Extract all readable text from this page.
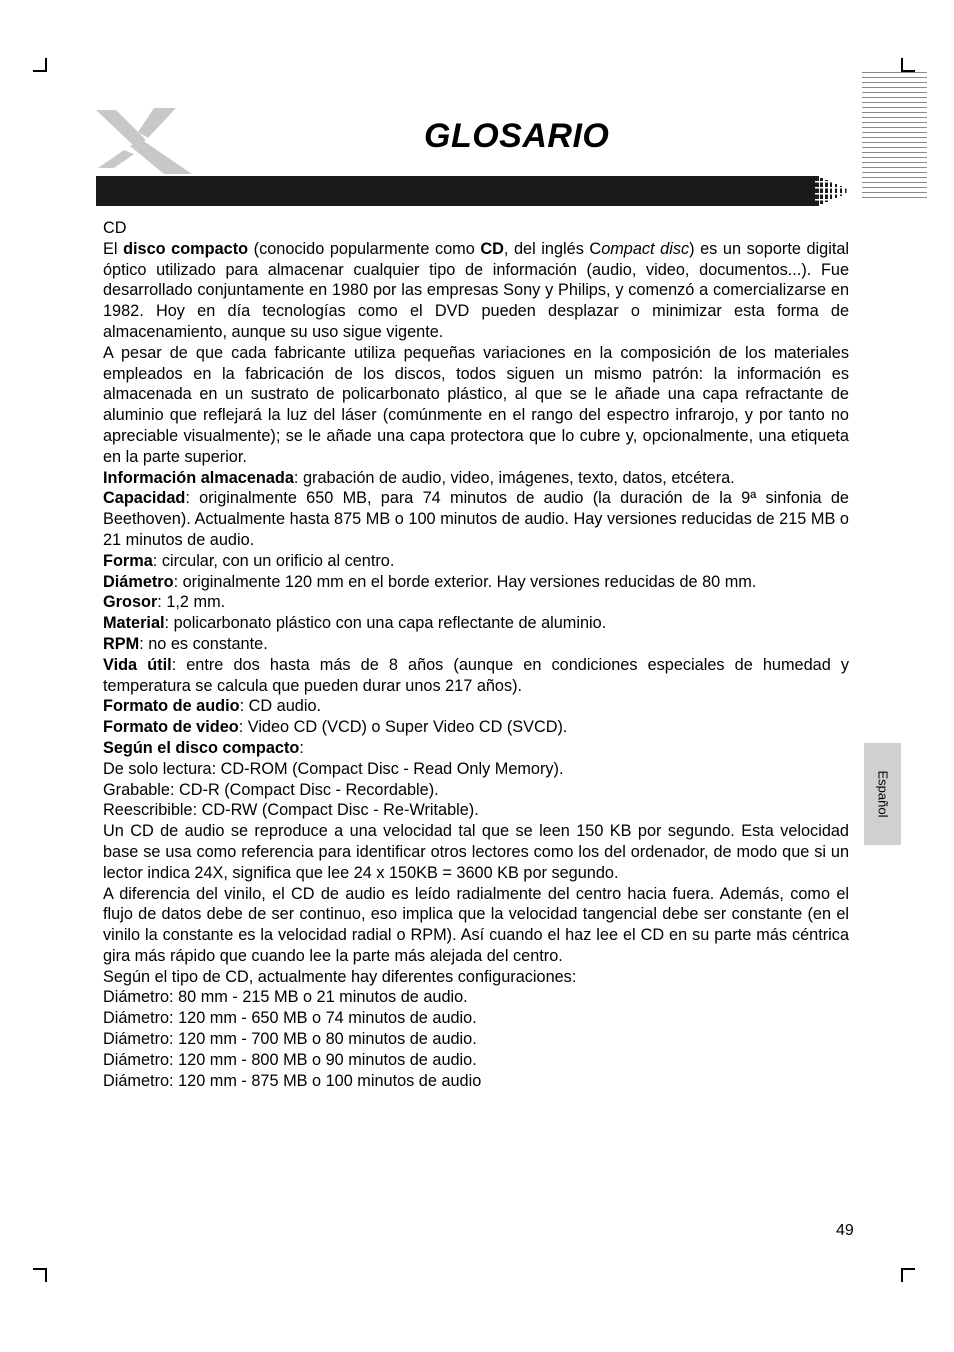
GLOSARIO
Español

CD

El disco compacto (conocido popularmente como CD, del inglés Compact disc) es un soporte digital óptico utilizado para almacenar cualquier tipo de información (audio, video, documentos...). Fue desarrollado conjuntamente en 1980 por las empresas Sony y Philips, y comenzó a comercializarse en 1982. Hoy en día tecnologías como el DVD pueden desplazar o minimizar esta forma de almacenamiento, aunque su uso sigue vigente.

A pesar de que cada fabricante utiliza pequeñas variaciones en la composición de los materiales empleados en la fabricación de los discos, todos siguen un mismo patrón: la información es almacenada en un sustrato de policarbonato plástico, al que se le añade una capa refractante de aluminio que reflejará la luz del láser (comúnmente en el rango del espectro infrarojo, y por tanto no apreciable visualmente); se le añade una capa protectora que lo cubre y, opcionalmente, una etiqueta en la parte superior.

Información almacenada: grabación de audio, video, imágenes, texto, datos, etcétera.

Capacidad: originalmente 650 MB, para 74 minutos de audio (la duración de la 9ª sinfonia de Beethoven). Actualmente hasta 875 MB o 100 minutos de audio. Hay versiones reducidas de 215 MB o 21 minutos de audio.

Forma: circular, con un orificio al centro.

Diámetro: originalmente 120 mm en el borde exterior. Hay versiones reducidas de 80 mm.

Grosor: 1,2 mm.

Material: policarbonato plástico con una capa reflectante de aluminio.

RPM: no es constante.

Vida útil: entre dos hasta más de 8 años (aunque en condiciones especiales de humedad y temperatura se calcula que pueden durar unos 217 años).

Formato de audio: CD audio.

Formato de video: Video CD (VCD) o Super Video CD (SVCD).

Según el disco compacto:

De solo lectura: CD-ROM (Compact Disc - Read Only Memory).

Grabable: CD-R (Compact Disc - Recordable).

Reescribible: CD-RW (Compact Disc - Re-Writable).

Un CD de audio se reproduce a una velocidad tal que se leen 150 KB por segundo. Esta velocidad base se usa como referencia para identificar otros lectores como los del ordenador, de modo que si un lector indica 24X, significa que lee 24 x 150KB = 3600 KB por segundo.

A diferencia del vinilo, el CD de audio es leído radialmente del centro hacia fuera. Además, como el flujo de datos debe de ser continuo, eso implica que la velocidad tangencial debe ser constante (en el vinilo la constante es la velocidad radial o RPM). Así cuando el haz lee el CD en su parte más céntrica gira más rápido que cuando lee la parte más alejada del centro.

Según el tipo de CD, actualmente hay diferentes configuraciones:

Diámetro: 80 mm - 215 MB o 21 minutos de audio.

Diámetro: 120 mm - 650 MB o 74 minutos de audio.

Diámetro: 120 mm - 700 MB o 80 minutos de audio.

Diámetro: 120 mm - 800 MB o 90 minutos de audio.

Diámetro: 120 mm - 875 MB o 100 minutos de audio

49
